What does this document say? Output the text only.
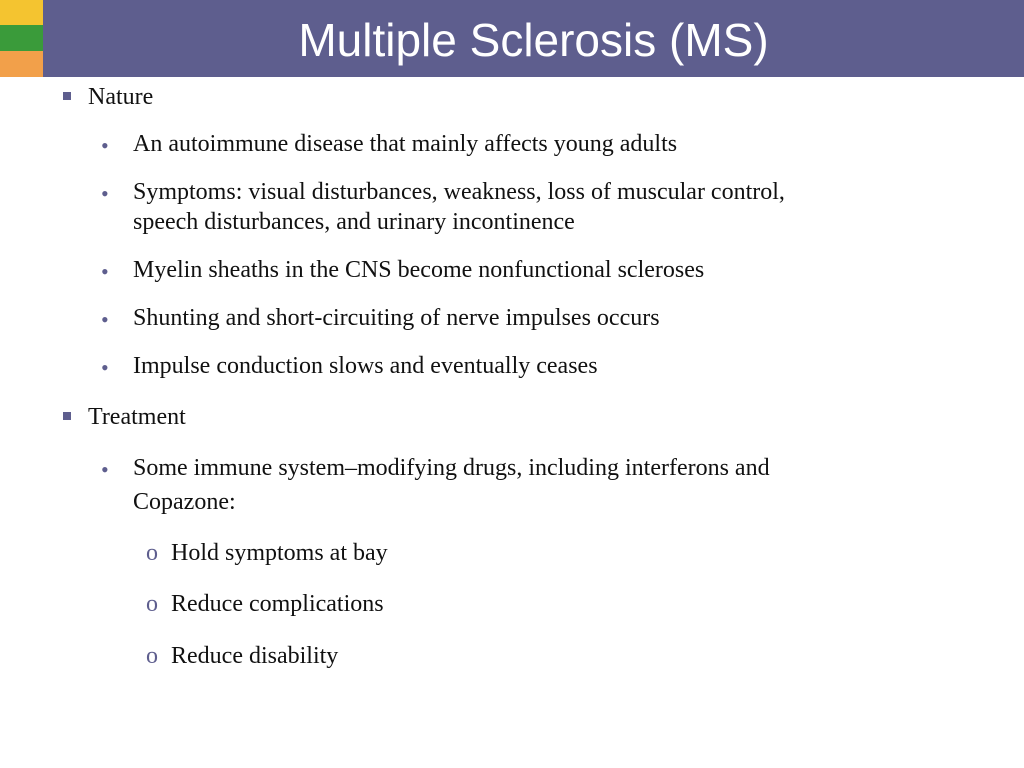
Multiple Sclerosis (MS)
Nature
• An autoimmune disease that mainly affects young adults
• Symptoms: visual disturbances, weakness, loss of muscular control,
speech disturbances, and urinary incontinence
• Myelin sheaths in the CNS become nonfunctional scleroses
• Shunting and short-circuiting of nerve impulses occurs
• Impulse conduction slows and eventually ceases
Treatment
• Some immune system–modifying drugs, including interferons and
Copazone:
o Hold symptoms at bay
o Reduce complications
o Reduce disability
